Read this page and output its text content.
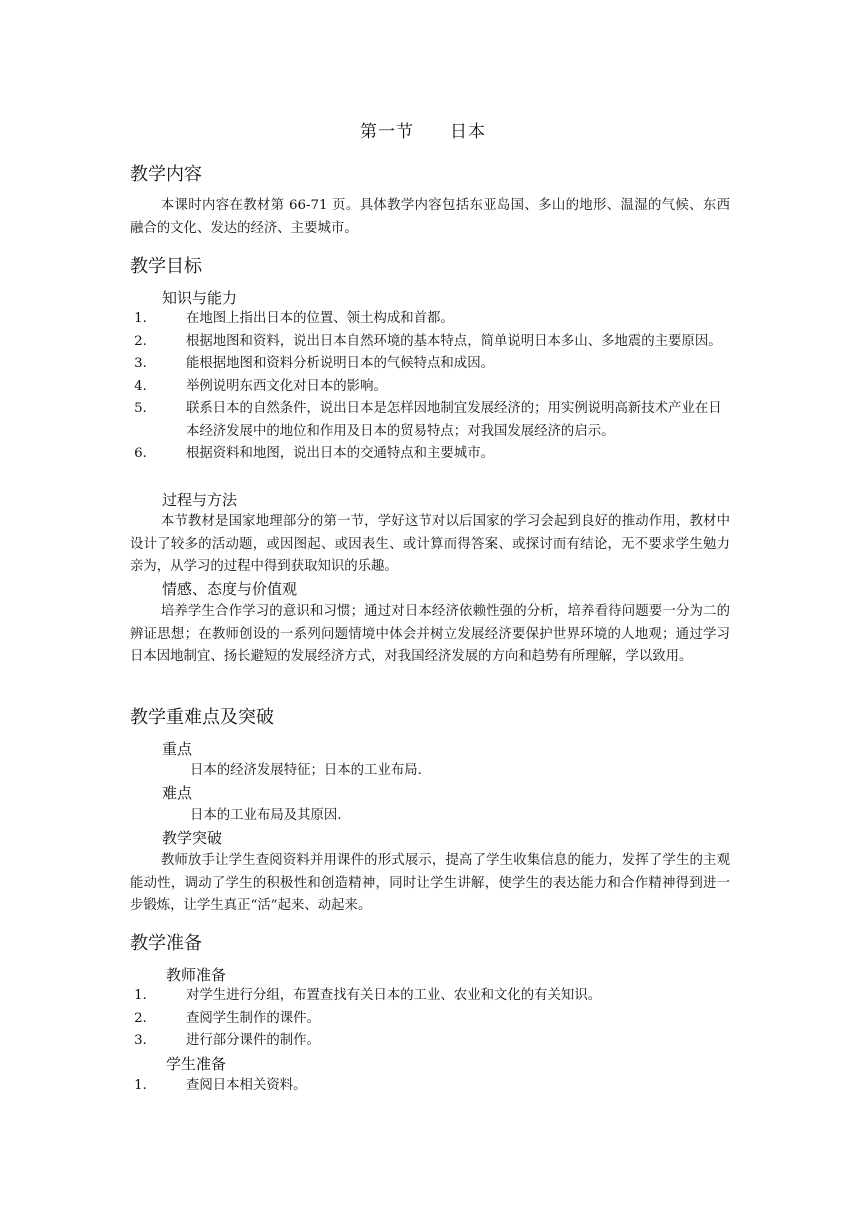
第一节　　日本
教学内容
本课时内容在教材第 66-71 页。具体教学内容包括东亚岛国、多山的地形、温湿的气候、东西融合的文化、发达的经济、主要城市。
教学目标
知识与能力
1． 在地图上指出日本的位置、领土构成和首都。
2． 根据地图和资料，说出日本自然环境的基本特点，简单说明日本多山、多地震的主要原因。
3． 能根据地图和资料分析说明日本的气候特点和成因。
4． 举例说明东西文化对日本的影响。
5． 联系日本的自然条件，说出日本是怎样因地制宜发展经济的；用实例说明高新技术产业在日本经济发展中的地位和作用及日本的贸易特点；对我国发展经济的启示。
6． 根据资料和地图，说出日本的交通特点和主要城市。
过程与方法
本节教材是国家地理部分的第一节，学好这节对以后国家的学习会起到良好的推动作用，教材中设计了较多的活动题，或因图起、或因表生、或计算而得答案、或探讨而有结论，无不要求学生勉力亲为，从学习的过程中得到获取知识的乐趣。
情感、态度与价值观
培养学生合作学习的意识和习惯；通过对日本经济依赖性强的分析，培养看待问题要一分为二的辨证思想；在教师创设的一系列问题情境中体会并树立发展经济要保护世界环境的人地观；通过学习日本因地制宜、扬长避短的发展经济方式，对我国经济发展的方向和趋势有所理解，学以致用。
教学重难点及突破
重点
日本的经济发展特征；日本的工业布局.
难点
日本的工业布局及其原因.
教学突破
教师放手让学生查阅资料并用课件的形式展示，提高了学生收集信息的能力，发挥了学生的主观能动性，调动了学生的积极性和创造精神，同时让学生讲解，使学生的表达能力和合作精神得到进一步锻炼，让学生真正“活”起来、动起来。
教学准备
教师准备
1． 对学生进行分组，布置查找有关日本的工业、农业和文化的有关知识。
2． 查阅学生制作的课件。
3． 进行部分课件的制作。
学生准备
1． 查阅日本相关资料。
